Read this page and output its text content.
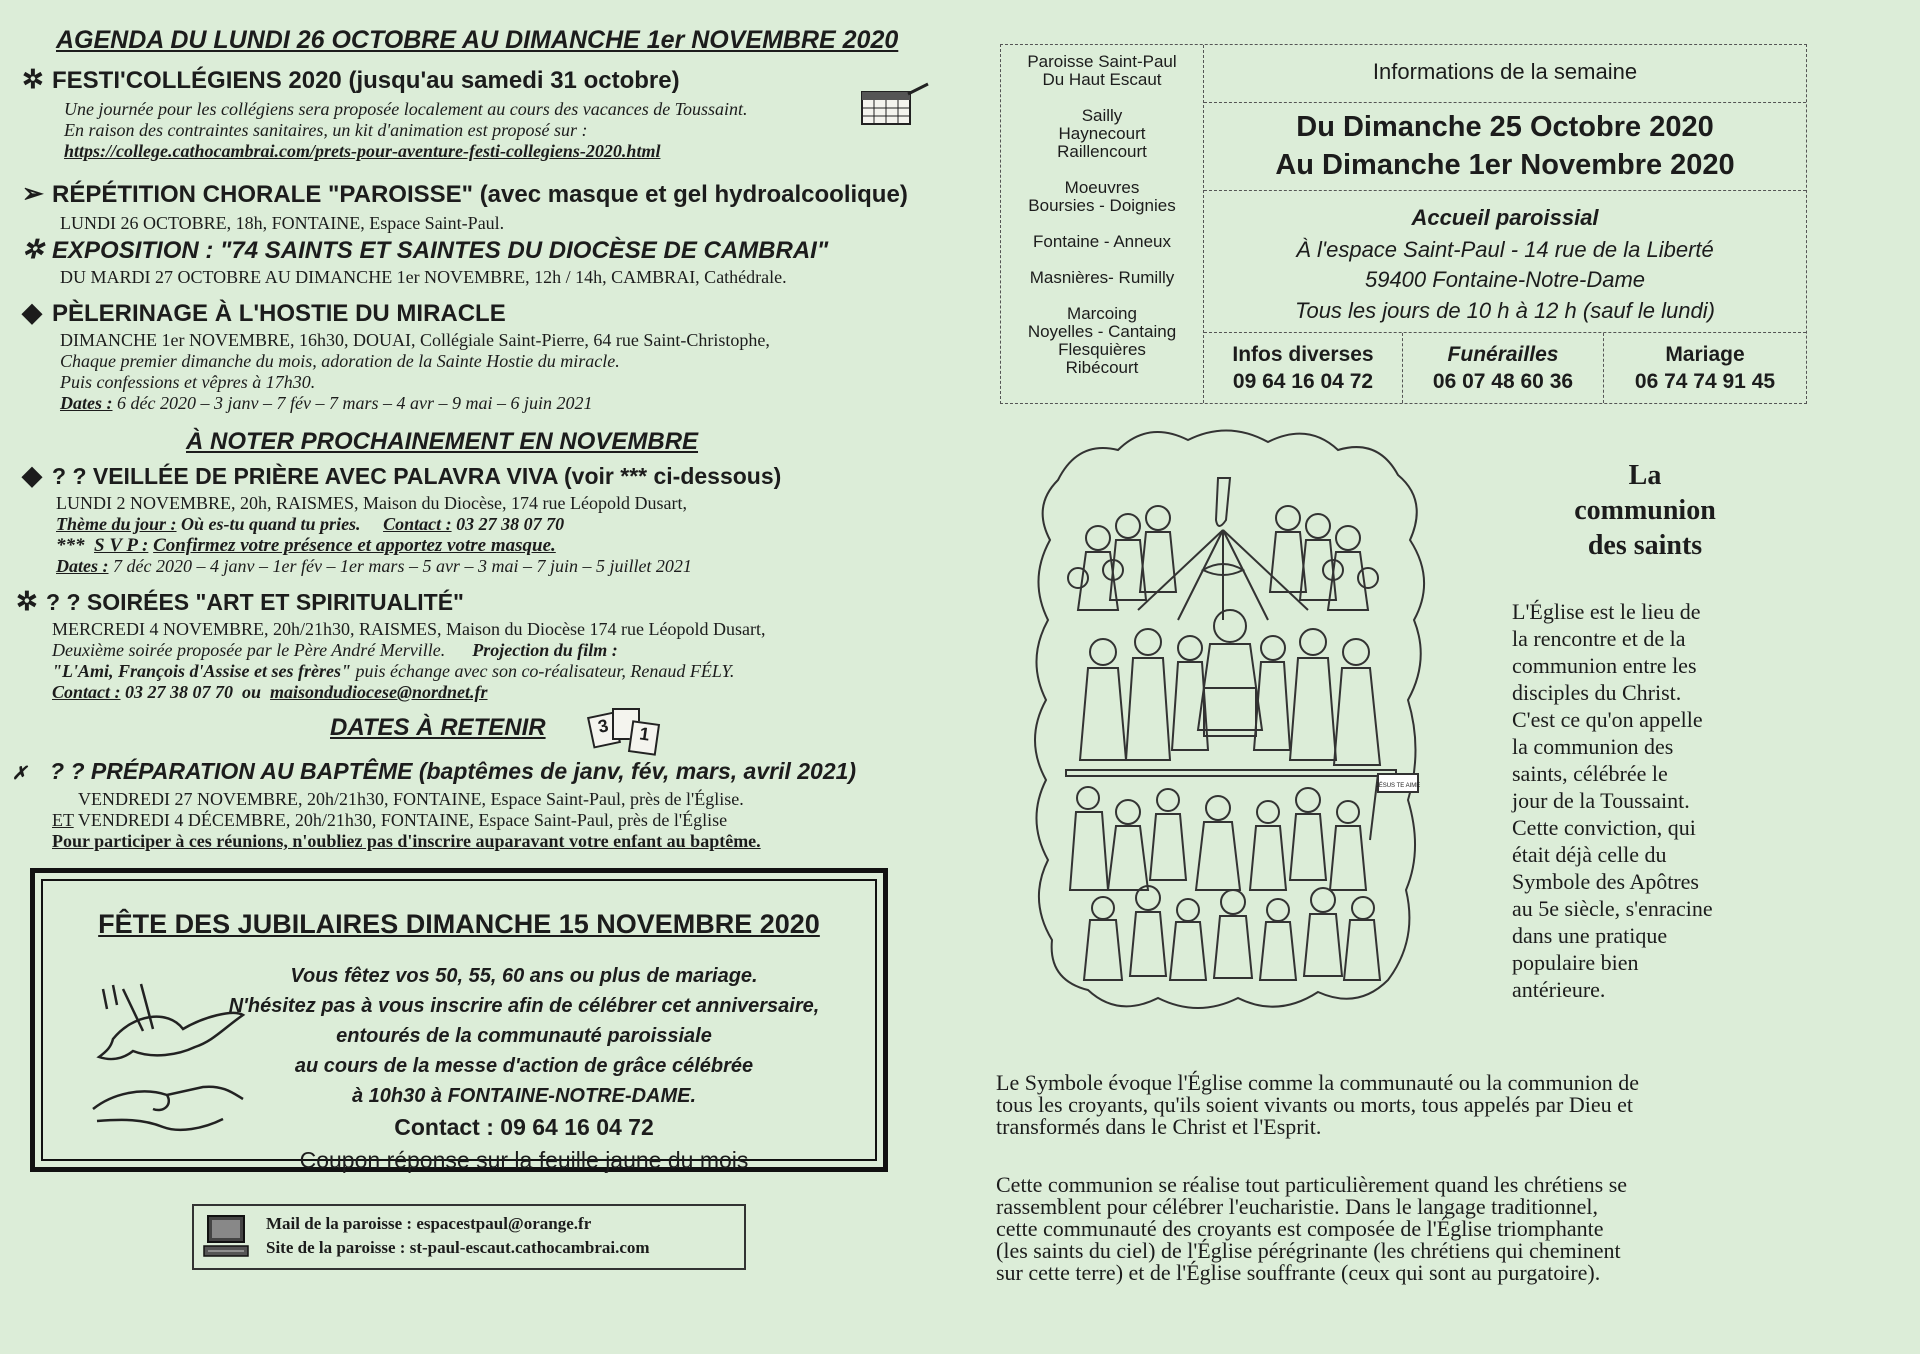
AGENDA DU LUNDI 26 OCTOBRE AU DIMANCHE 1er NOVEMBRE 2020
✲ FESTI'COLLÉGIENS 2020 (jusqu'au samedi 31 octobre)
Une journée pour les collégiens sera proposée localement au cours des vacances de Toussaint.
En raison des contraintes sanitaires, un kit d'animation est proposé sur :
https://college.cathocambrai.com/prets-pour-aventure-festi-collegiens-2020.html
➢ RÉPÉTITION CHORALE "PAROISSE" (avec masque et gel hydroalcoolique)
LUNDI 26 OCTOBRE, 18h, FONTAINE, Espace Saint-Paul.
✲ EXPOSITION : "74 SAINTS ET SAINTES DU DIOCÈSE DE CAMBRAI"
DU MARDI 27 OCTOBRE AU DIMANCHE 1er NOVEMBRE, 12h / 14h, CAMBRAI, Cathédrale.
◆ PÈLERINAGE À L'HOSTIE DU MIRACLE
DIMANCHE 1er NOVEMBRE, 16h30, DOUAI, Collégiale Saint-Pierre, 64 rue Saint-Christophe,
Chaque premier dimanche du mois, adoration de la Sainte Hostie du miracle.
Puis confessions et vêpres à 17h30.
Dates : 6 déc 2020 – 3 janv – 7 fév – 7 mars – 4 avr – 9 mai – 6 juin 2021
À NOTER PROCHAINEMENT EN NOVEMBRE
◆ ? ? VEILLÉE DE PRIÈRE AVEC PALAVRA VIVA (voir *** ci-dessous)
LUNDI 2 NOVEMBRE, 20h, RAISMES, Maison du Diocèse, 174 rue Léopold Dusart,
Thème du jour : Où es-tu quand tu pries. Contact : 03 27 38 07 70
*** S V P : Confirmez votre présence et apportez votre masque.
Dates : 7 déc 2020 – 4 janv – 1er fév – 1er mars – 5 avr – 3 mai – 7 juin – 5 juillet 2021
✲ ? ? SOIRÉES "ART ET SPIRITUALITÉ"
MERCREDI 4 NOVEMBRE, 20h/21h30, RAISMES, Maison du Diocèse 174 rue Léopold Dusart,
Deuxième soirée proposée par le Père André Merville. Projection du film :
"L'Ami, François d'Assise et ses frères" puis échange avec son co-réalisateur, Renaud FÉLY.
Contact : 03 27 38 07 70 ou maisondudiocese@nordnet.fr
DATES À RETENIR	3	1
✗ ? ? PRÉPARATION AU BAPTÊME (baptêmes de janv, fév, mars, avril 2021)
VENDREDI 27 NOVEMBRE, 20h/21h30, FONTAINE, Espace Saint-Paul, près de l'Église.
ET VENDREDI 4 DÉCEMBRE, 20h/21h30, FONTAINE, Espace Saint-Paul, près de l'Église
Pour participer à ces réunions, n'oubliez pas d'inscrire auparavant votre enfant au baptême.
FÊTE DES JUBILAIRES DIMANCHE 15 NOVEMBRE 2020
Vous fêtez vos 50, 55, 60 ans ou plus de mariage.
N'hésitez pas à vous inscrire afin de célébrer cet anniversaire,
entourés de la communauté paroissiale
au cours de la messe d'action de grâce célébrée
à 10h30 à FONTAINE-NOTRE-DAME.
Contact : 09 64 16 04 72
Coupon réponse sur la feuille jaune du mois
Mail de la paroisse : espacestpaul@orange.fr
Site de la paroisse : st-paul-escaut.cathocambrai.com
Paroisse Saint-Paul
Du Haut Escaut
Sailly
Haynecourt
Raillencourt
Moeuvres
Boursies - Doignies
Fontaine - Anneux
Masnières- Rumilly
Marcoing
Noyelles - Cantaing
Flesquières
Ribécourt
Informations de la semaine
Du Dimanche 25 Octobre 2020
Au Dimanche 1er Novembre 2020
Accueil paroissial
À l'espace Saint-Paul - 14 rue de la Liberté
59400 Fontaine-Notre-Dame
Tous les jours de 10 h à 12 h (sauf le lundi)
Infos diverses
09 64 16 04 72
Funérailles
06 07 48 60 36
Mariage
06 74 74 91 45
JÉSUS TE AIME
La
communion
des saints
L'Église est le lieu de
la rencontre et de la
communion entre les
disciples du Christ.
C'est ce qu'on appelle
la communion des
saints, célébrée le
jour de la Toussaint.
Cette conviction, qui
était déjà celle du
Symbole des Apôtres
au 5e siècle, s'enracine
dans une pratique
populaire bien
antérieure.
Le Symbole évoque l'Église comme la communauté ou la communion de
tous les croyants, qu'ils soient vivants ou morts, tous appelés par Dieu et
transformés dans le Christ et l'Esprit.
Cette communion se réalise tout particulièrement quand les chrétiens se
rassemblent pour célébrer l'eucharistie. Dans le langage traditionnel,
cette communauté des croyants est composée de l'Église triomphante
(les saints du ciel) de l'Église pérégrinante (les chrétiens qui cheminent
sur cette terre) et de l'Église souffrante (ceux qui sont au purgatoire).
